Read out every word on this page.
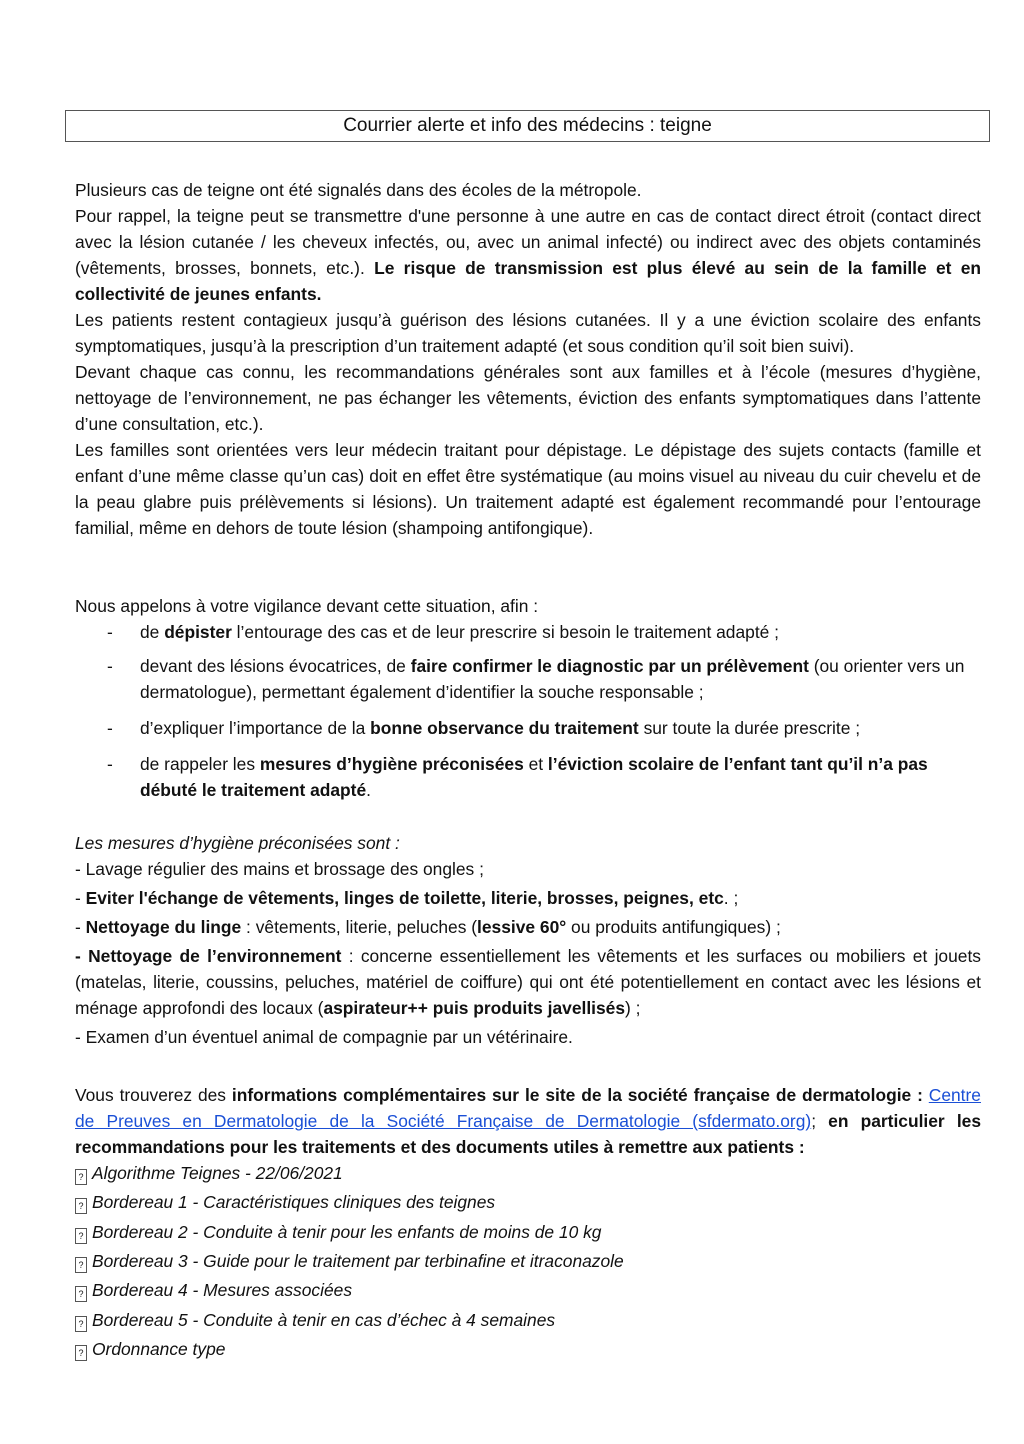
Courrier alerte et info des médecins : teigne

Plusieurs cas de teigne ont été signalés dans des écoles de la métropole.

Pour rappel, la teigne peut se transmettre d'une personne à une autre en cas de contact direct étroit (contact direct avec la lésion cutanée / les cheveux infectés, ou, avec un animal infecté) ou indirect avec des objets contaminés (vêtements, brosses, bonnets, etc.). Le risque de transmission est plus élevé au sein de la famille et en collectivité de jeunes enfants.

Les patients restent contagieux jusqu’à guérison des lésions cutanées. Il y a une éviction scolaire des enfants symptomatiques, jusqu’à la prescription d’un traitement adapté (et sous condition qu’il soit bien suivi).

Devant chaque cas connu, les recommandations générales sont aux familles et à l’école (mesures d’hygiène, nettoyage de l’environnement, ne pas échanger les vêtements, éviction des enfants symptomatiques dans l’attente d’une consultation, etc.).

Les familles sont orientées vers leur médecin traitant pour dépistage. Le dépistage des sujets contacts (famille et enfant d’une même classe qu’un cas) doit en effet être systématique (au moins visuel au niveau du cuir chevelu et de la peau glabre puis prélèvements si lésions). Un traitement adapté est également recommandé pour l’entourage familial, même en dehors de toute lésion (shampoing antifongique).

Nous appelons à votre vigilance devant cette situation, afin :
- de dépister l’entourage des cas et de leur prescrire si besoin le traitement adapté ;
- devant des lésions évocatrices, de faire confirmer le diagnostic par un prélèvement (ou orienter vers un dermatologue), permettant également d’identifier la souche responsable ;
- d’expliquer l’importance de la bonne observance du traitement sur toute la durée prescrite ;
- de rappeler les mesures d’hygiène préconisées et l’éviction scolaire de l’enfant tant qu’il n’a pas débuté le traitement adapté.

Les mesures d’hygiène préconisées sont :

- Lavage régulier des mains et brossage des ongles ;

- Eviter l'échange de vêtements, linges de toilette, literie, brosses, peignes, etc. ;

- Nettoyage du linge : vêtements, literie, peluches (lessive 60° ou produits antifungiques) ;

- Nettoyage de l’environnement : concerne essentiellement les vêtements et les surfaces ou mobiliers et jouets (matelas, literie, coussins, peluches, matériel de coiffure) qui ont été potentiellement en contact avec les lésions et ménage approfondi des locaux (aspirateur++ puis produits javellisés) ;

- Examen d’un éventuel animal de compagnie par un vétérinaire.

Vous trouverez des informations complémentaires sur le site de la société française de dermatologie : Centre de Preuves en Dermatologie de la Société Française de Dermatologie (sfdermato.org); en particulier les recommandations pour les traitements et des documents utiles à remettre aux patients :

? Algorithme Teignes - 22/06/2021
? Bordereau 1 - Caractéristiques cliniques des teignes
? Bordereau 2 - Conduite à tenir pour les enfants de moins de 10 kg
? Bordereau 3 - Guide pour le traitement par terbinafine et itraconazole
? Bordereau 4 - Mesures associées
? Bordereau 5 - Conduite à tenir en cas d’échec à 4 semaines
? Ordonnance type
